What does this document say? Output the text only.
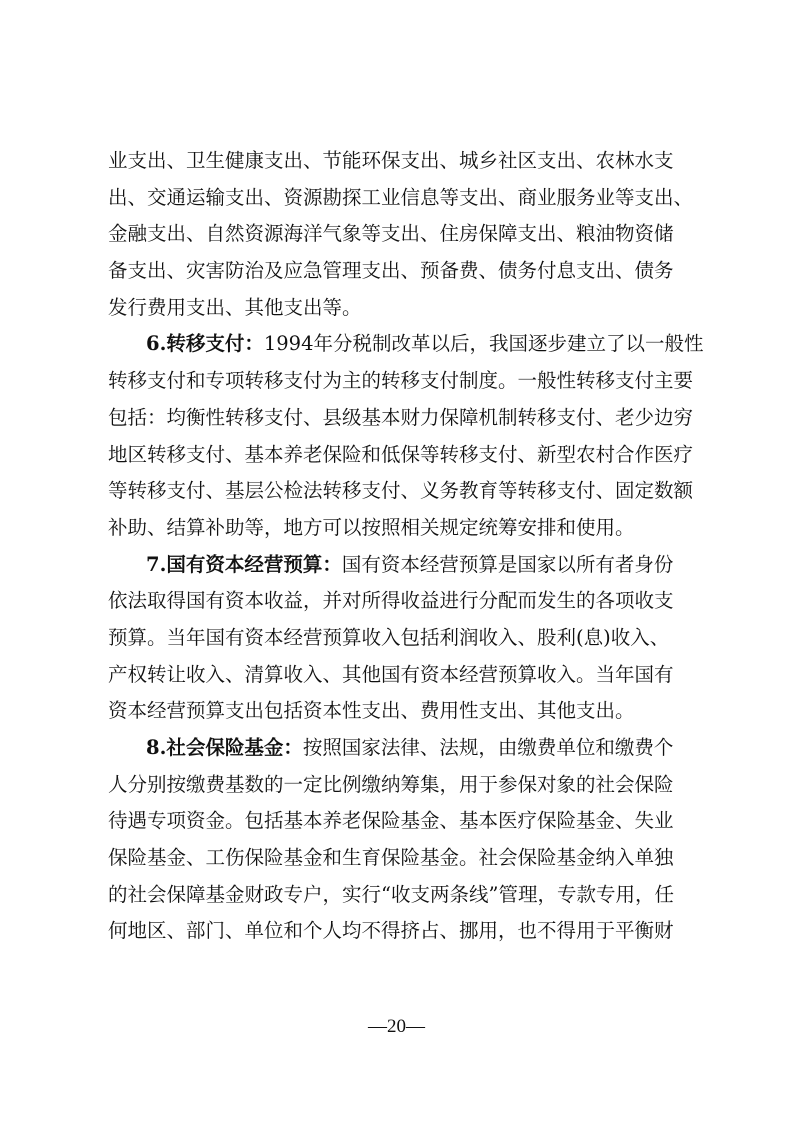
业支出、卫生健康支出、节能环保支出、城乡社区支出、农林水支
出、交通运输支出、资源勘探工业信息等支出、商业服务业等支出、
金融支出、自然资源海洋气象等支出、住房保障支出、粮油物资储
备支出、灾害防治及应急管理支出、预备费、债务付息支出、债务
发行费用支出、其他支出等。
6.转移支付： 1994年分税制改革以后，我国逐步建立了以一般性
转移支付和专项转移支付为主的转移支付制度。一般性转移支付主要
包括：均衡性转移支付、县级基本财力保障机制转移支付、老少边穷
地区转移支付、基本养老保险和低保等转移支付、新型农村合作医疗
等转移支付、基层公检法转移支付、义务教育等转移支付、固定数额
补助、结算补助等，地方可以按照相关规定统筹安排和使用。
7.国有资本经营预算： 国有资本经营预算是国家以所有者身份
依法取得国有资本收益，并对所得收益进行分配而发生的各项收支
预算。当年国有资本经营预算收入包括利润收入、股利(息)收入、
产权转让收入、清算收入、其他国有资本经营预算收入。当年国有
资本经营预算支出包括资本性支出、费用性支出、其他支出。
8.社会保险基金： 按照国家法律、法规，由缴费单位和缴费个
人分别按缴费基数的一定比例缴纳筹集，用于参保对象的社会保险
待遇专项资金。包括基本养老保险基金、基本医疗保险基金、失业
保险基金、工伤保险基金和生育保险基金。社会保险基金纳入单独
的社会保障基金财政专户，实行“收支两条线”管理，专款专用，任
何地区、部门、单位和个人均不得挤占、挪用，也不得用于平衡财
—20—
